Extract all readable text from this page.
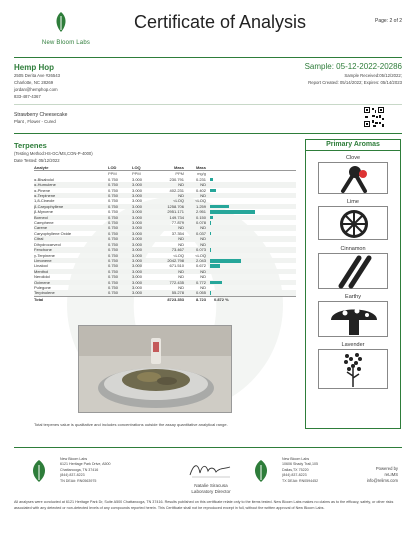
New Bloom Labs
Certificate of Analysis	Page: 2 of 2
Hemp Hop
2505 Derita Ave #26543
Charlotte, NC 28269
jordan@hemphop.com
833-487-4367
Sample: 05-12-2022-20286
Sample Received:05/12/2022;
Report Created: 05/14/2022; Expires: 05/14/2023
Strawberry Cheesecake
Plant , Flower - Cured
Terpenes
(Testing Method:HS-GC/MS,CON-P-4000)
Date Tested: 05/12/2022
Analyte	LOD	LOQ	Mass	Mass	
	PPM	PPM	PPM	mg/g	
α-Bisabolol	0.750	3.000	230.791	0.231	

α-Humulene	0.750	3.000	ND	ND	
α-Pinene	0.750	3.000	402.231	0.402	

α-Terpinene	0.750	3.000	ND	ND	
1,8-Cineole	0.750	3.000	<LOQ	<LOQ	
β-Caryophyllene	0.750	3.000	1258.706	1.259	

β-Myrcene	0.750	3.000	2951.171	2.951	

Borneol	0.750	3.000	149.734	0.150	

Camphene	0.750	3.000	77.879	0.078	

Carene	0.750	3.000	ND	ND	
Caryophyllene Oxide	0.750	3.000	37.354	0.037	

Citral	0.750	3.000	ND	ND	
Dihydrocarveol	0.750	3.000	ND	ND	
Fenchone	0.750	3.000	73.467	0.073	

γ-Terpinene	0.750	3.000	<LOQ	<LOQ	
Limonene	0.750	3.000	2042.798	2.043	

Linalool	0.750	3.000	671.510	0.672	

Menthol	0.750	3.000	ND	ND	
Nerolidol	0.750	3.000	ND	ND	
Ocimene	0.750	3.000	772.435	0.772	

Pulegone	0.750	3.000	ND	ND	
Terpinolene	0.750	3.000	55.278	0.055	

Total			8723.353	8.723	0.872 %
Total terpenes value is qualitative and includes concentrations outside the assay quantitative analytical range.
Primary Aromas
Clove
Lime
Cinnamon
Earthy
Lavender
New Bloom Labs
6121 Heritage Park Drive, A500
Chattanooga, TN 37416
(844) 837-8223
TN DEA#: RN0563975
Natalie Siracusa
Laboratory Director
New Bloom Labs
10606 Shady Trail,105
Dallas,TX 75220
(844) 837-8223
TX DEA#: RN0594452
Powered by
reLIMS
info@relims.com
All analyses were conducted at 6121 Heritage Park Dr, Suite A500 Chattanooga, TN 37416. Results published on this certificate relate only to the items tested. New Bloom Labs makes no claims as to the efficacy, safety, or other risks associated with any detected or non-detected levels of any compounds reported herein. This Certificate shall not be reproduced except in full, without the written approval of New Bloom Labs.
